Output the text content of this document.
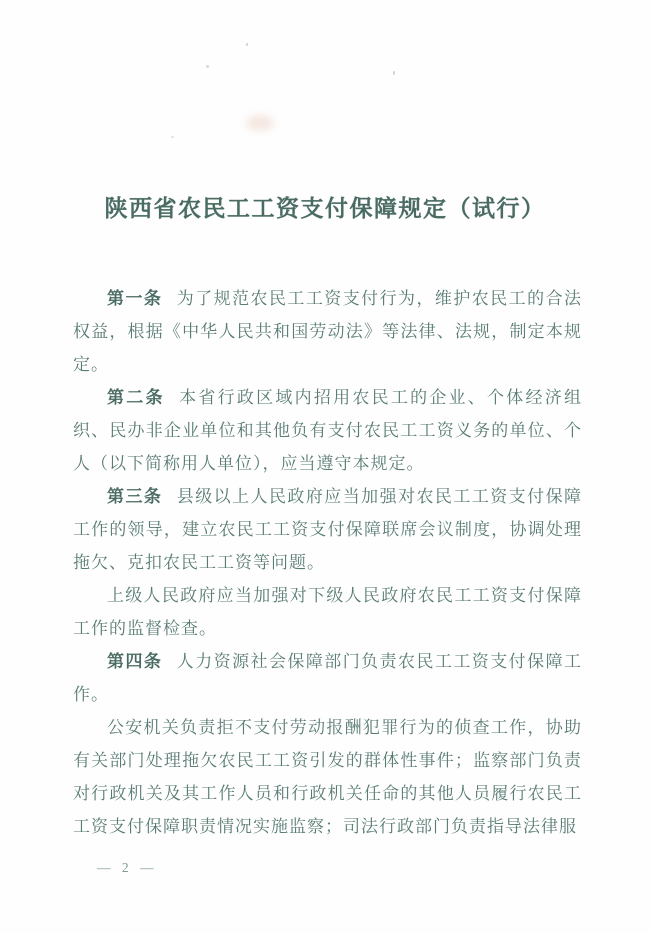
陕西省农民工工资支付保障规定（试行）

第一条 为了规范农民工工资支付行为，维护农民工的合法权益，根据《中华人民共和国劳动法》等法律、法规，制定本规定。

第二条 本省行政区域内招用农民工的企业、个体经济组织、民办非企业单位和其他负有支付农民工工资义务的单位、个人（以下简称用人单位），应当遵守本规定。

第三条 县级以上人民政府应当加强对农民工工资支付保障工作的领导，建立农民工工资支付保障联席会议制度，协调处理拖欠、克扣农民工工资等问题。

上级人民政府应当加强对下级人民政府农民工工资支付保障工作的监督检查。

第四条 人力资源社会保障部门负责农民工工资支付保障工作。

公安机关负责拒不支付劳动报酬犯罪行为的侦查工作，协助有关部门处理拖欠农民工工资引发的群体性事件；监察部门负责对行政机关及其工作人员和行政机关任命的其他人员履行农民工工资支付保障职责情况实施监察；司法行政部门负责指导法律服

— 2 —
